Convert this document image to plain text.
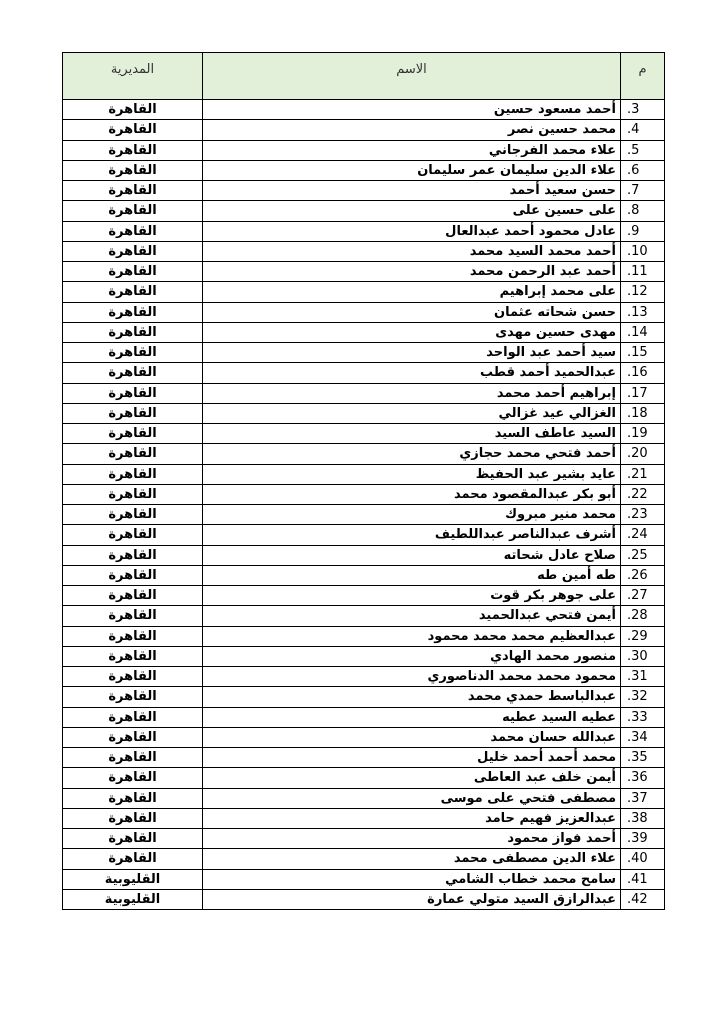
المديرية	الاسم	م
القاهرة	أحمد مسعود حسين	.3
القاهرة	محمد حسين نصر	.4
القاهرة	علاء محمد الفرجاني	.5
القاهرة	علاء الدين سليمان عمر سليمان	.6
القاهرة	حسن سعيد أحمد	.7
القاهرة	على حسين على	.8
القاهرة	عادل محمود أحمد عبدالعال	.9
القاهرة	أحمد محمد السيد محمد	.10
القاهرة	أحمد عبد الرحمن محمد	.11
القاهرة	على محمد إبراهيم	.12
القاهرة	حسن شحاته عثمان	.13
القاهرة	مهدى حسين مهدى	.14
القاهرة	سيد أحمد عبد الواحد	.15
القاهرة	عبدالحميد أحمد قطب	.16
القاهرة	إبراهيم أحمد محمد	.17
القاهرة	الغزالي عيد غزالي	.18
القاهرة	السيد عاطف السيد	.19
القاهرة	أحمد فتحي محمد حجازي	.20
القاهرة	عايد بشير عبد الحفيظ	.21
القاهرة	أبو بكر عبدالمقصود محمد	.22
القاهرة	محمد منير مبروك	.23
القاهرة	أشرف عبدالناصر عبداللطيف	.24
القاهرة	صلاح عادل شحاته	.25
القاهرة	طه أمين طه	.26
القاهرة	على جوهر بكر قوت	.27
القاهرة	أيمن فتحي عبدالحميد	.28
القاهرة	عبدالعظيم محمد محمد محمود	.29
القاهرة	منصور محمد الهادي	.30
القاهرة	محمود محمد محمد الدناصوري	.31
القاهرة	عبدالباسط حمدي محمد	.32
القاهرة	عطيه السيد عطيه	.33
القاهرة	عبدالله حسان محمد	.34
القاهرة	محمد أحمد أحمد خليل	.35
القاهرة	أيمن خلف عبد العاطى	.36
القاهرة	مصطفى فتحي على موسى	.37
القاهرة	عبدالعزيز فهيم حامد	.38
القاهرة	أحمد فواز محمود	.39
القاهرة	علاء الدين مصطفى محمد	.40
القليوبية	سامح محمد خطاب الشامي	.41
القليوبية	عبدالرازق السيد متولي عمارة	.42
